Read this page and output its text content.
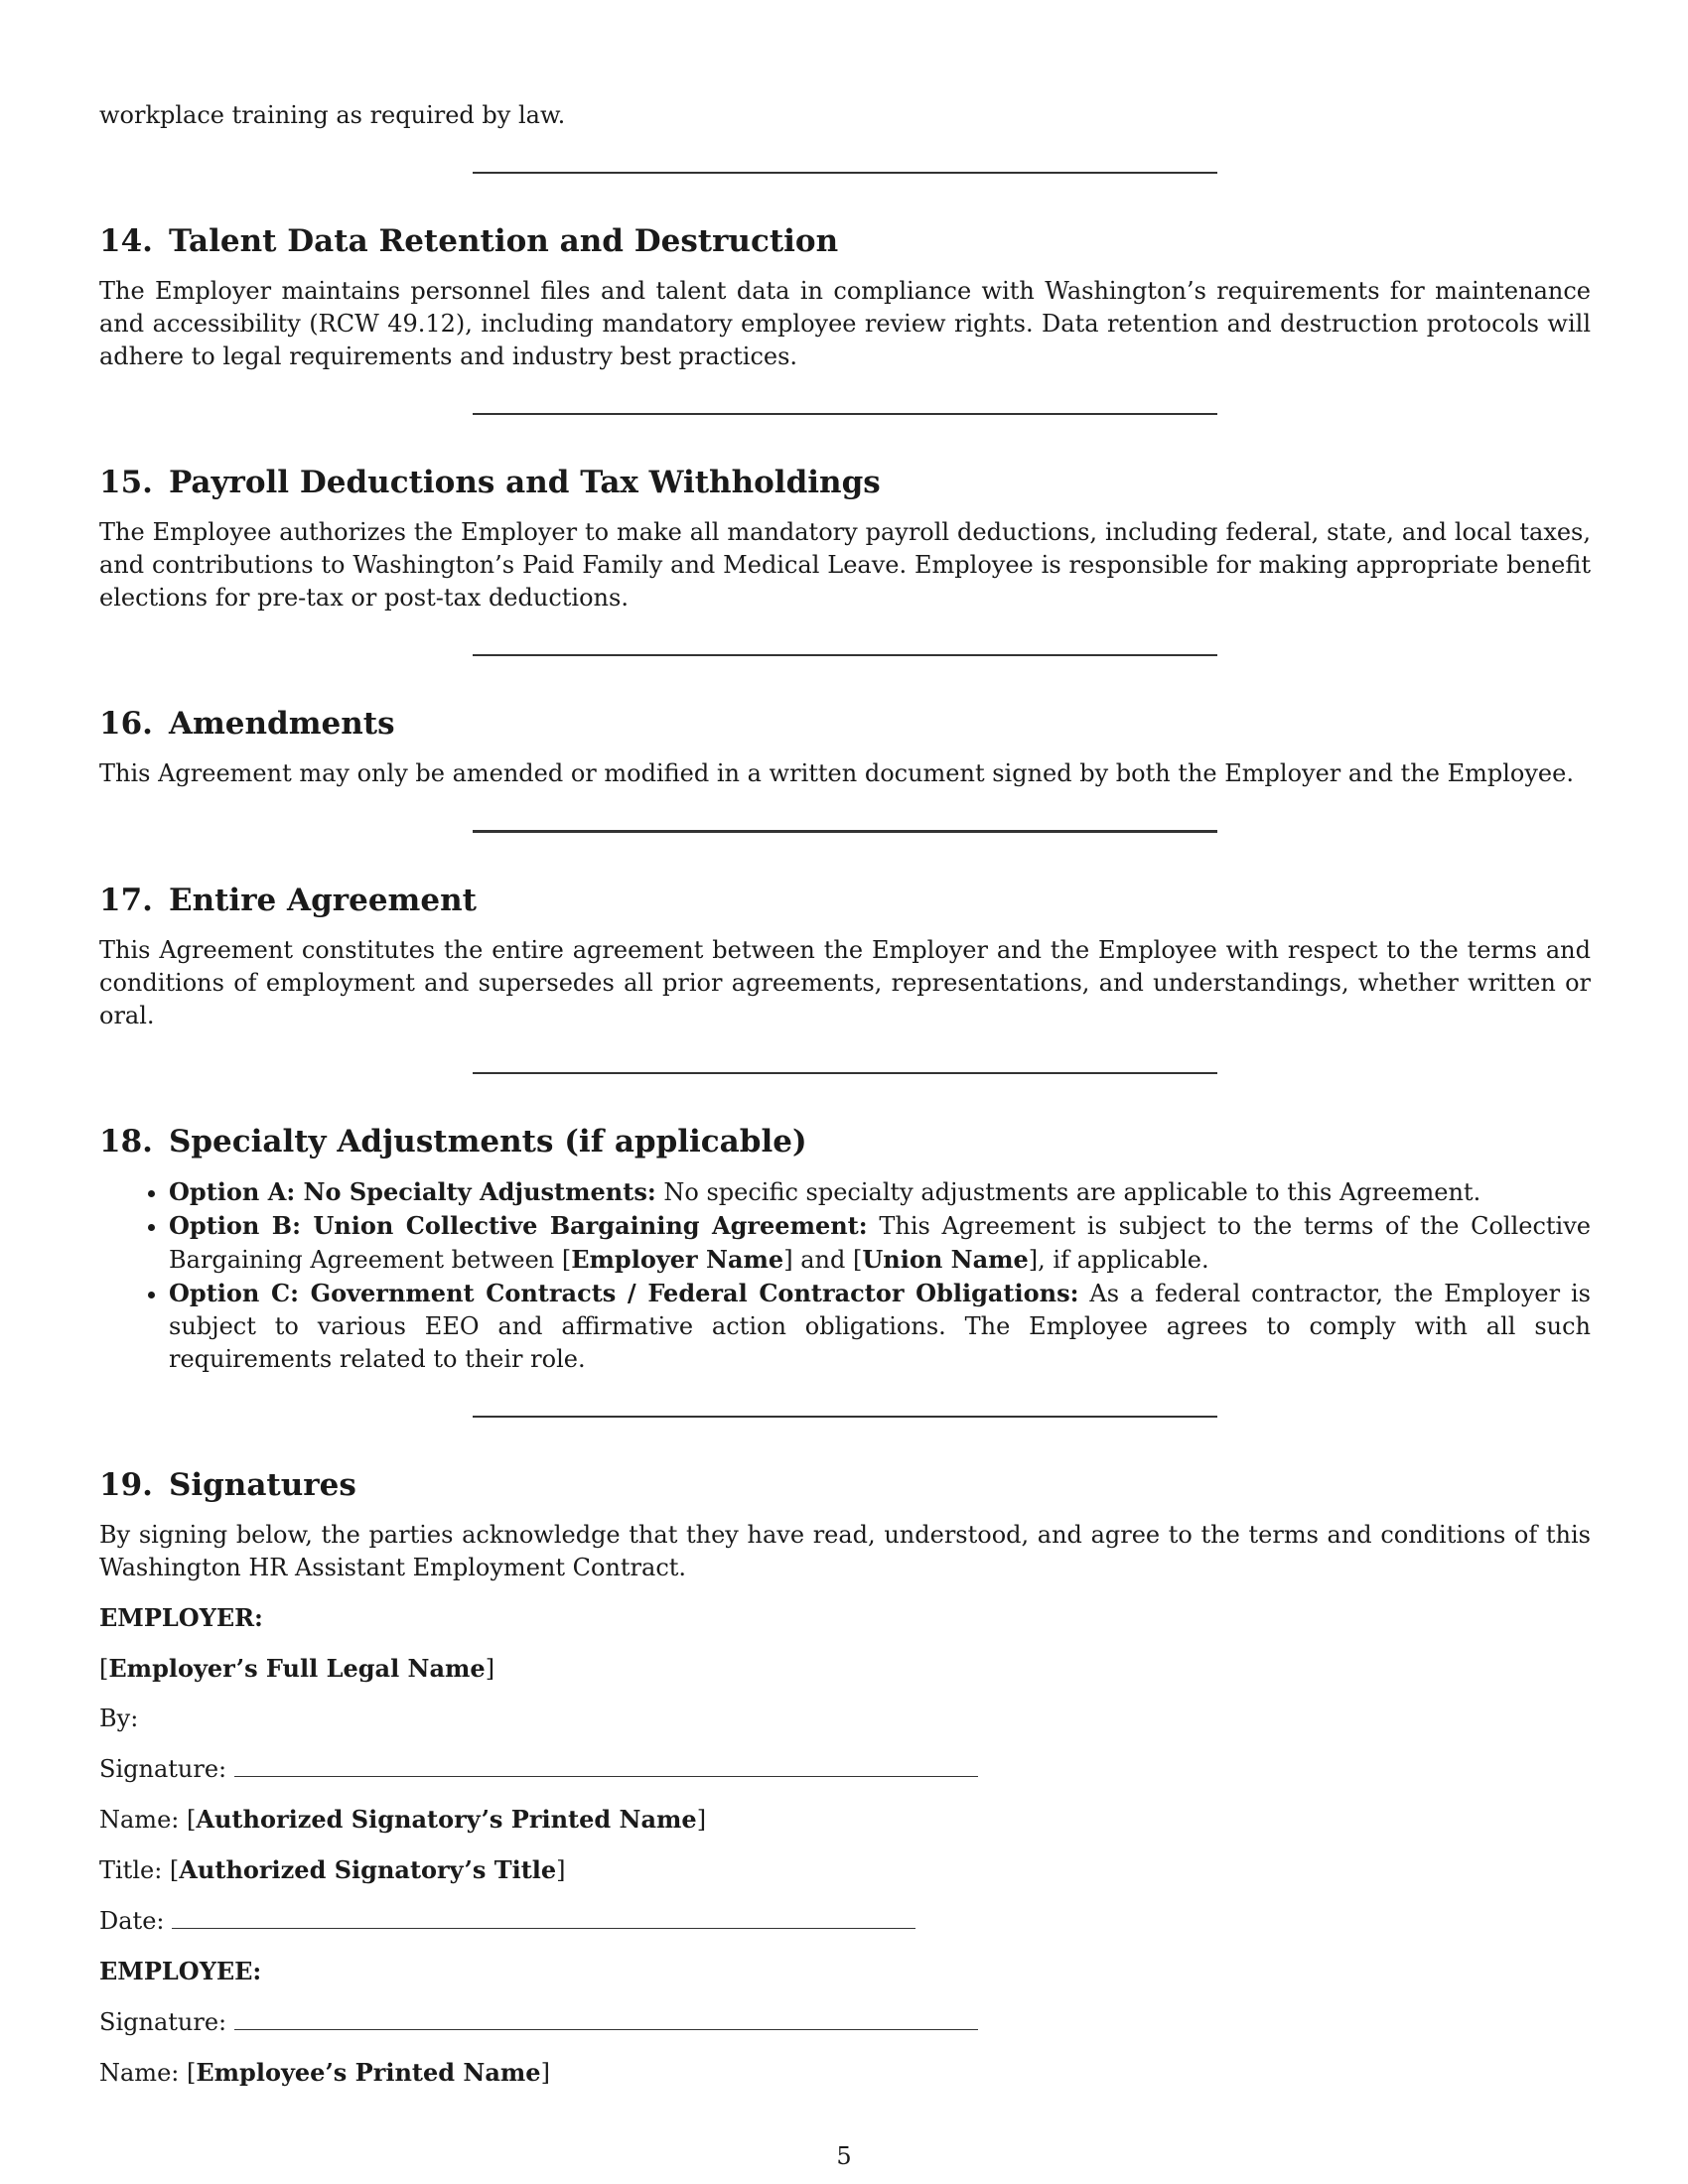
workplace training as required by law.

14. Talent Data Retention and Destruction

The Employer maintains personnel files and talent data in compliance with Washington’s requirements for maintenance and accessibility (RCW 49.12), including mandatory employee review rights. Data retention and destruction protocols will adhere to legal requirements and industry best practices.

15. Payroll Deductions and Tax Withholdings

The Employee authorizes the Employer to make all mandatory payroll deductions, including federal, state, and local taxes, and contributions to Washington’s Paid Family and Medical Leave. Employee is responsible for making appropriate benefit elections for pre-tax or post-tax deductions.

16. Amendments

This Agreement may only be amended or modified in a written document signed by both the Employer and the Employee.

17. Entire Agreement

This Agreement constitutes the entire agreement between the Employer and the Employee with respect to the terms and conditions of employment and supersedes all prior agreements, representations, and understandings, whether written or oral.

18. Specialty Adjustments (if applicable)
• Option A: No Specialty Adjustments: No specific specialty adjustments are applicable to this Agreement.
• Option B: Union Collective Bargaining Agreement: This Agreement is subject to the terms of the Collective Bargaining Agreement between [Employer Name] and [Union Name], if applicable.
• Option C: Government Contracts / Federal Contractor Obligations: As a federal contractor, the Employer is subject to various EEO and affirmative action obligations. The Employee agrees to comply with all such requirements related to their role.
19. Signatures

By signing below, the parties acknowledge that they have read, understood, and agree to the terms and conditions of this Washington HR Assistant Employment Contract.

EMPLOYER:

[Employer’s Full Legal Name]

By:

Signature:

Name: [Authorized Signatory’s Printed Name]

Title: [Authorized Signatory’s Title]

Date:

EMPLOYEE:

Signature:

Name: [Employee’s Printed Name]

5
